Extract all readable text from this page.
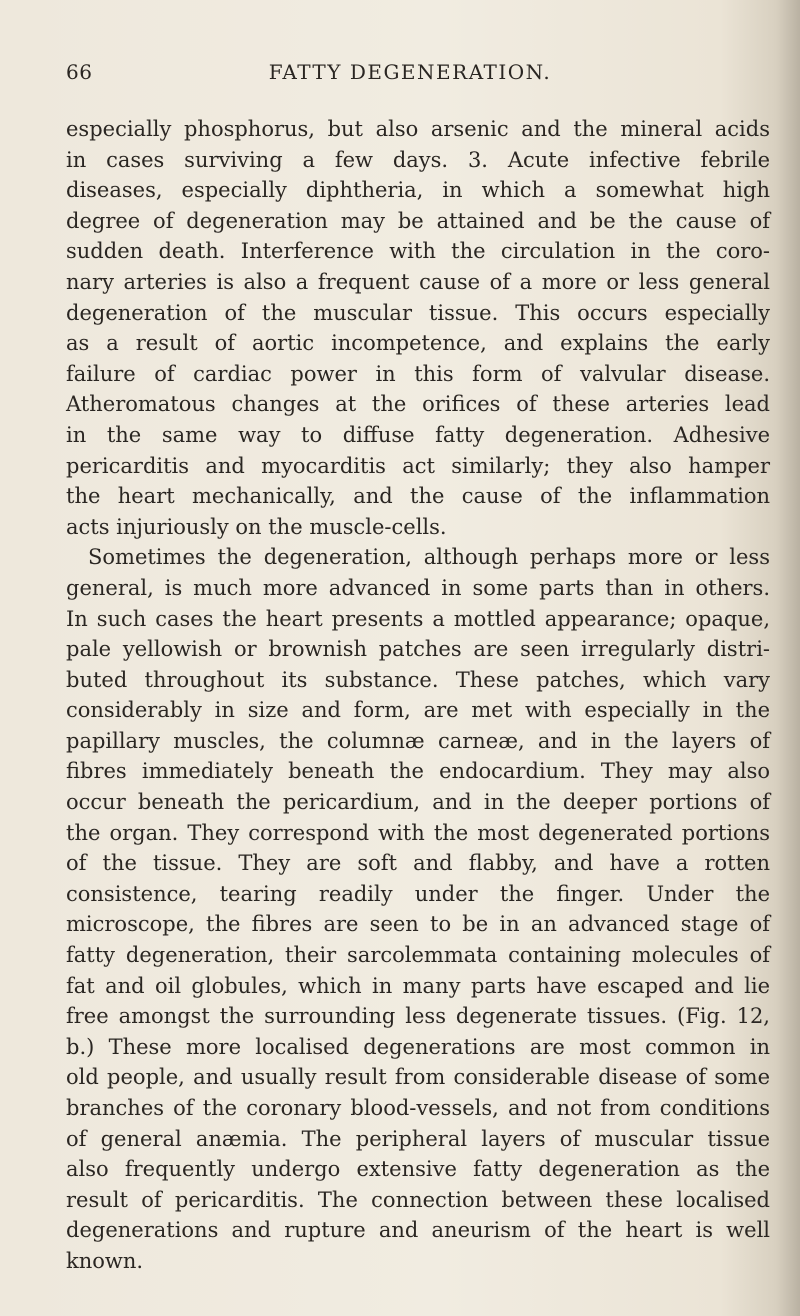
66	FATTY DEGENERATION.
especially phosphorus, but also arsenic and the mineral acids
in cases surviving a few days. 3. Acute infective febrile
diseases, especially diphtheria, in which a somewhat high
degree of degeneration may be attained and be the cause of
sudden death. Interference with the circulation in the coro-
nary arteries is also a frequent cause of a more or less general
degeneration of the muscular tissue. This occurs especially
as a result of aortic incompetence, and explains the early
failure of cardiac power in this form of valvular disease.
Atheromatous changes at the orifices of these arteries lead
in the same way to diffuse fatty degeneration. Adhesive
pericarditis and myocarditis act similarly; they also hamper
the heart mechanically, and the cause of the inflammation
acts injuriously on the muscle-cells.
Sometimes the degeneration, although perhaps more or less
general, is much more advanced in some parts than in others.
In such cases the heart presents a mottled appearance; opaque,
pale yellowish or brownish patches are seen irregularly distri-
buted throughout its substance. These patches, which vary
considerably in size and form, are met with especially in the
papillary muscles, the columnæ carneæ, and in the layers of
fibres immediately beneath the endocardium. They may also
occur beneath the pericardium, and in the deeper portions of
the organ. They correspond with the most degenerated portions
of the tissue. They are soft and flabby, and have a rotten
consistence, tearing readily under the finger. Under the
microscope, the fibres are seen to be in an advanced stage of
fatty degeneration, their sarcolemmata containing molecules of
fat and oil globules, which in many parts have escaped and lie
free amongst the surrounding less degenerate tissues. (Fig. 12,
b.) These more localised degenerations are most common in
old people, and usually result from considerable disease of some
branches of the coronary blood-vessels, and not from conditions
of general anæmia. The peripheral layers of muscular tissue
also frequently undergo extensive fatty degeneration as the
result of pericarditis. The connection between these localised
degenerations and rupture and aneurism of the heart is well
known.
